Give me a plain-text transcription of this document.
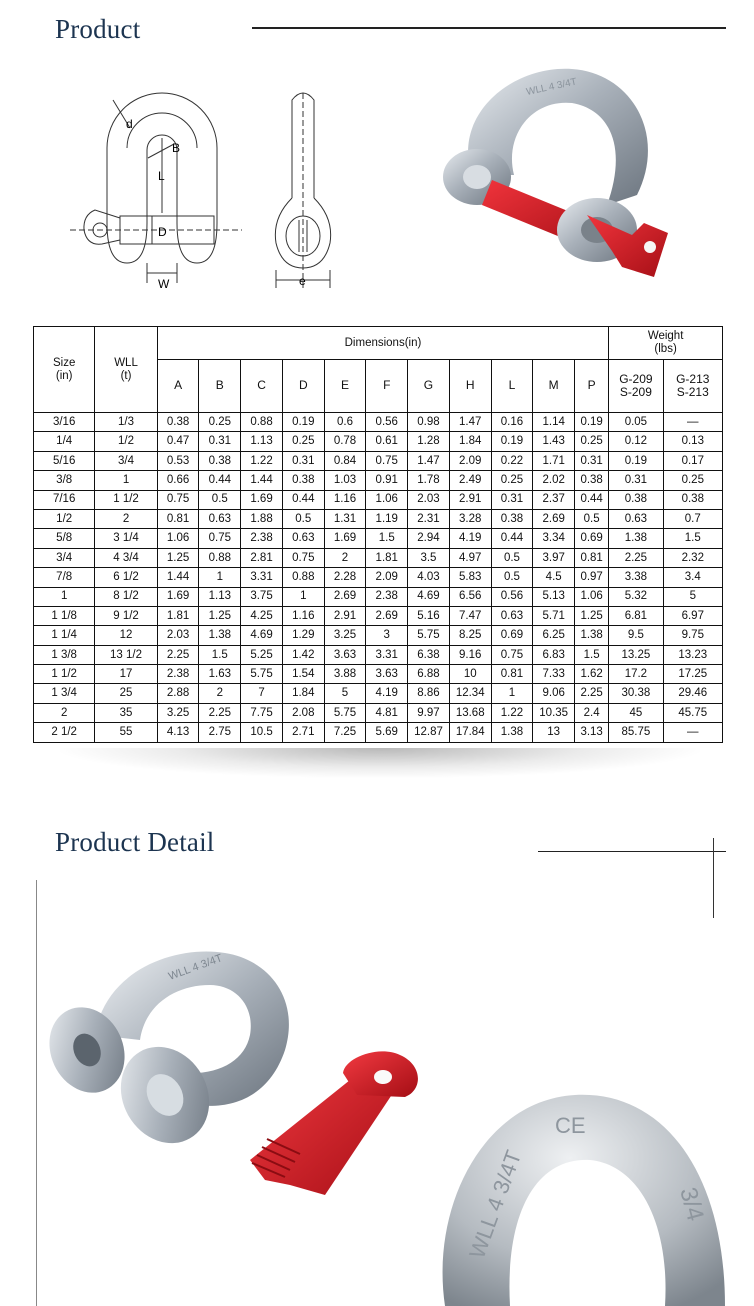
Product
d
B
L
D
W	e
WLL 4 3/4T
Size
(in)	WLL
(t)	Dimensions(in)											Weight
(lbs)	
		A	B	C	D	E	F	G	H	L	M	P	G-209
S-209	G-213
S-213
3/16	1/3	0.38	0.25	0.88	0.19	0.6	0.56	0.98	1.47	0.16	1.14	0.19	0.05	—
1/4	1/2	0.47	0.31	1.13	0.25	0.78	0.61	1.28	1.84	0.19	1.43	0.25	0.12	0.13
5/16	3/4	0.53	0.38	1.22	0.31	0.84	0.75	1.47	2.09	0.22	1.71	0.31	0.19	0.17
3/8	1	0.66	0.44	1.44	0.38	1.03	0.91	1.78	2.49	0.25	2.02	0.38	0.31	0.25
7/16	1 1/2	0.75	0.5	1.69	0.44	1.16	1.06	2.03	2.91	0.31	2.37	0.44	0.38	0.38
1/2	2	0.81	0.63	1.88	0.5	1.31	1.19	2.31	3.28	0.38	2.69	0.5	0.63	0.7
5/8	3 1/4	1.06	0.75	2.38	0.63	1.69	1.5	2.94	4.19	0.44	3.34	0.69	1.38	1.5
3/4	4 3/4	1.25	0.88	2.81	0.75	2	1.81	3.5	4.97	0.5	3.97	0.81	2.25	2.32
7/8	6 1/2	1.44	1	3.31	0.88	2.28	2.09	4.03	5.83	0.5	4.5	0.97	3.38	3.4
1	8 1/2	1.69	1.13	3.75	1	2.69	2.38	4.69	6.56	0.56	5.13	1.06	5.32	5
1 1/8	9 1/2	1.81	1.25	4.25	1.16	2.91	2.69	5.16	7.47	0.63	5.71	1.25	6.81	6.97
1 1/4	12	2.03	1.38	4.69	1.29	3.25	3	5.75	8.25	0.69	6.25	1.38	9.5	9.75
1 3/8	13 1/2	2.25	1.5	5.25	1.42	3.63	3.31	6.38	9.16	0.75	6.83	1.5	13.25	13.23
1 1/2	17	2.38	1.63	5.75	1.54	3.88	3.63	6.88	10	0.81	7.33	1.62	17.2	17.25
1 3/4	25	2.88	2	7	1.84	5	4.19	8.86	12.34	1	9.06	2.25	30.38	29.46
2	35	3.25	2.25	7.75	2.08	5.75	4.81	9.97	13.68	1.22	10.35	2.4	45	45.75
2 1/2	55	4.13	2.75	10.5	2.71	7.25	5.69	12.87	17.84	1.38	13	3.13	85.75	—
Product Detail
WLL 4 3/4T
CE
WLL 4 3/4T	3/4
